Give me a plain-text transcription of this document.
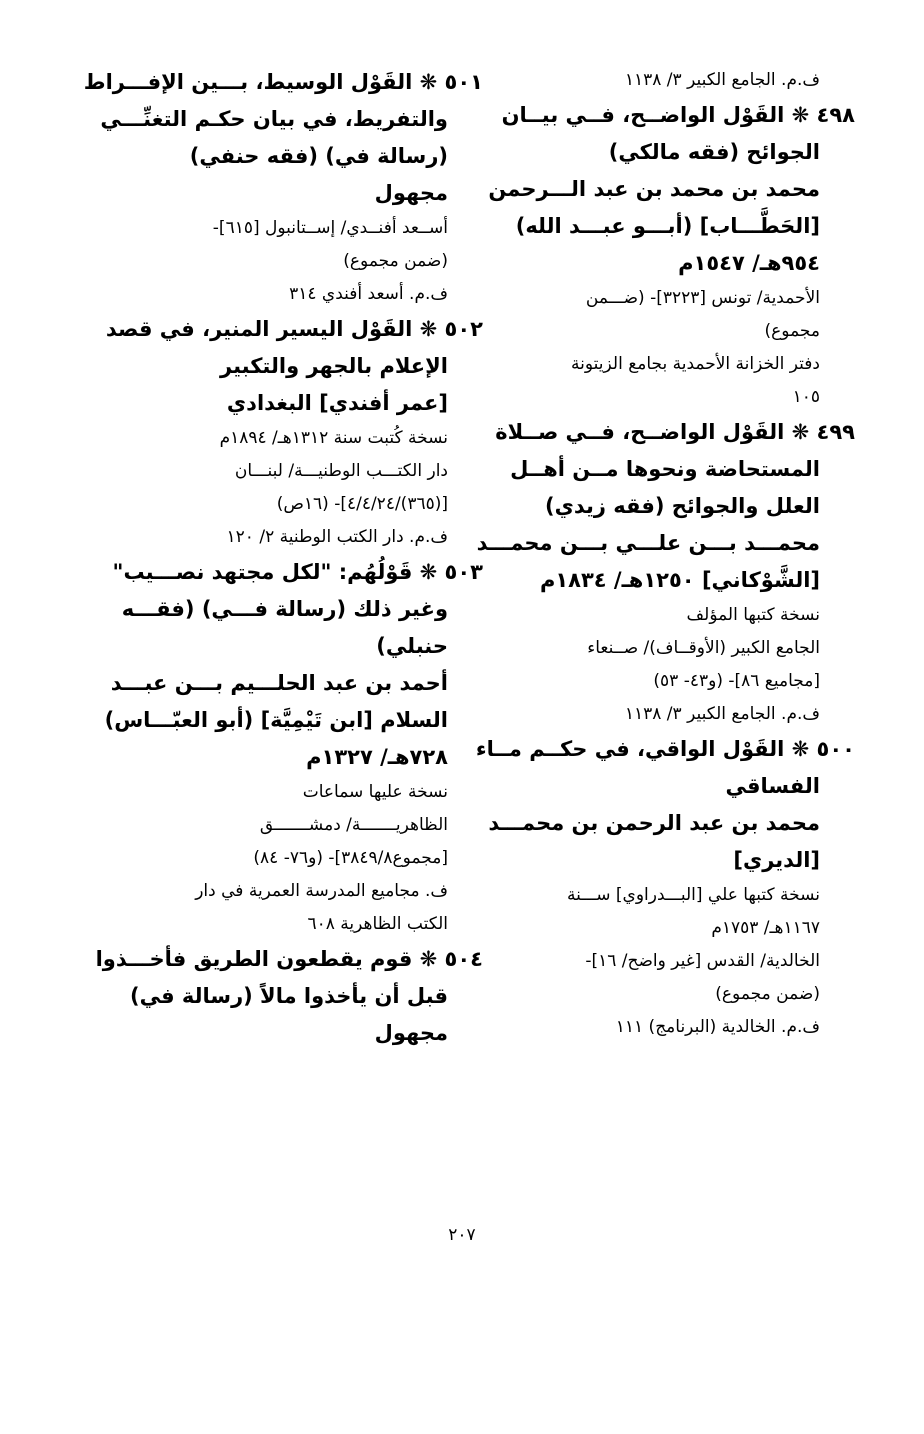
ف.م. الجامع الكبير ٣/ ١١٣٨
٤٩٨ ❋ القَوْل الواضــح، فــي بيــان
الجوائح (فقه مالكي)
محمد بن محمد بن عبد الـــرحمن
[الحَطَّـــاب] (أبـــو عبـــد الله)
٩٥٤هـ/ ١٥٤٧م
الأحمدية/ تونس [٣٢٢٣]- (ضـــمن
مجموع)
دفتر الخزانة الأحمدية بجامع الزيتونة
١٠٥
٤٩٩ ❋ القَوْل الواضــح، فــي صــلاة
المستحاضة ونحوها مــن أهــل
العلل والجوائح (فقه زيدي)
محمـــد بـــن علـــي بـــن محمـــد
[الشَّوْكاني] ١٢٥٠هـ/ ١٨٣٤م
نسخة كتبها المؤلف
الجامع الكبير (الأوقــاف)/ صــنعاء
[مجاميع ٨٦]- (و٤٣- ٥٣)
ف.م. الجامع الكبير ٣/ ١١٣٨
٥٠٠ ❋ القَوْل الواقي، في حكــم مــاء
الفساقي
محمد بن عبد الرحمن بن محمـــد
[الديري]
نسخة كتبها علي [البـــدراوي] ســـنة
١١٦٧هـ/ ١٧٥٣م
الخالدية/ القدس [غير واضح/ ١٦]-
(ضمن مجموع)
ف.م. الخالدية (البرنامج) ١١١
٥٠١ ❋ القَوْل الوسيط، بـــين الإفـــراط
والتفريط، في بيان حكـم التغنِّـــي
(رسالة في) (فقه حنفي)
مجهول
أســعد أفنــدي/ إســتانبول [٦١٥]-
(ضمن مجموع)
ف.م. أسعد أفندي ٣١٤
٥٠٢ ❋ القَوْل اليسير المنير، في قصد
الإعلام بالجهر والتكبير
[عمر أفندي] البغدادي
نسخة كُتبت سنة ١٣١٢هـ/ ١٨٩٤م
دار الكتـــب الوطنيـــة/ لبنـــان
[(٣٦٥)/٤/٤/٢٤]- (١٦ص)
ف.م. دار الكتب الوطنية ٢/ ١٢٠
٥٠٣ ❋ قَوْلُهُم: "لكل مجتهد نصـــيب"
وغير ذلك (رسالة فـــي) (فقـــه
حنبلي)
أحمد بن عبد الحلـــيم بـــن عبـــد
السلام [ابن تَيْمِيَّة] (أبو العبّـــاس)
٧٢٨هـ/ ١٣٢٧م
نسخة عليها سماعات
الظاهريـــــــة/ دمشـــــــق
[مجموع٣٨٤٩/٨]- (و٧٦- ٨٤)
ف. مجاميع المدرسة العمرية في دار
الكتب الظاهرية ٦٠٨
٥٠٤ ❋ قوم يقطعون الطريق فأخـــذوا
قبل أن يأخذوا مالاً (رسالة في)
مجهول
٢٠٧
